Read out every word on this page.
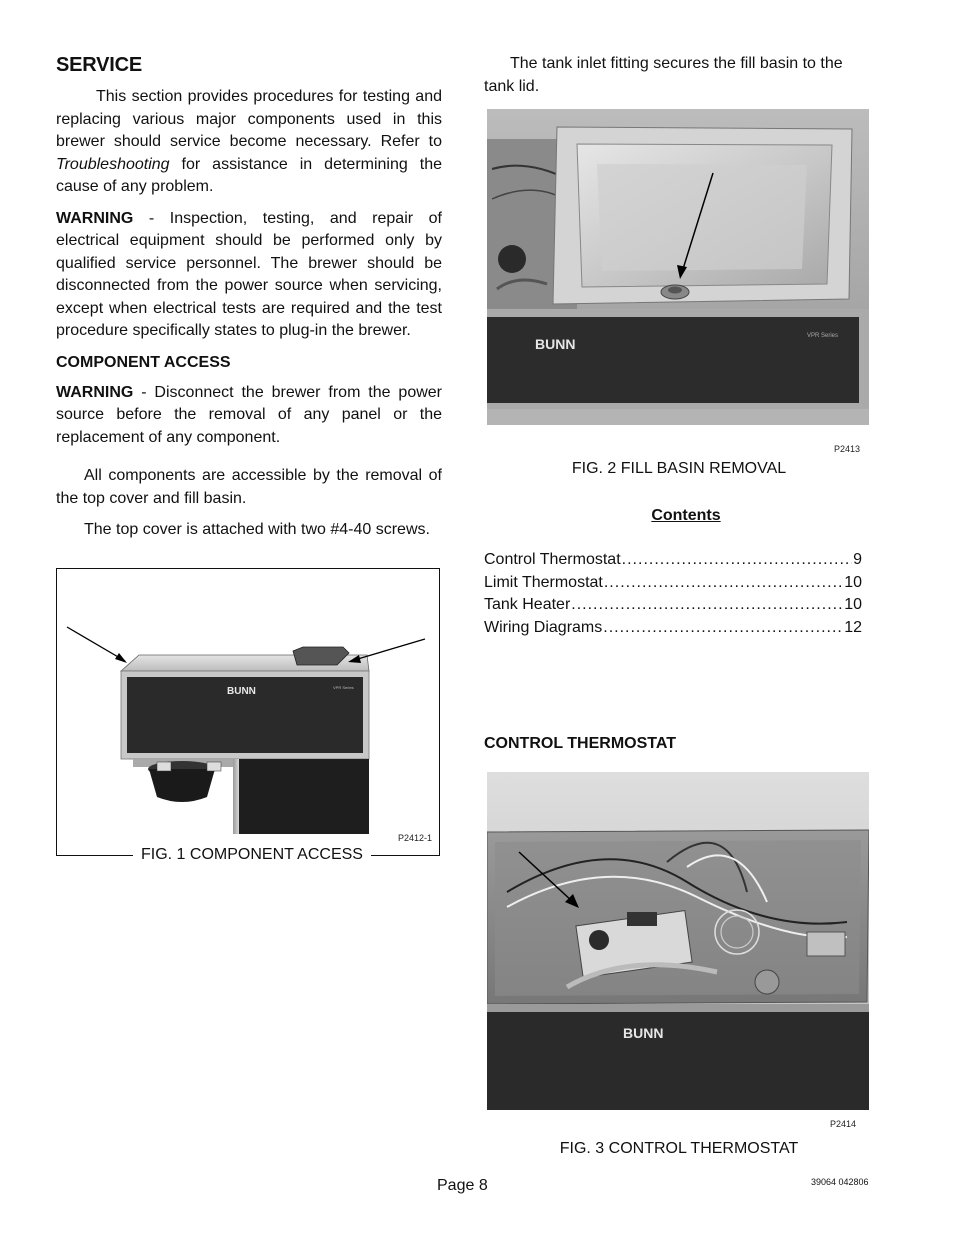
SERVICE

This section provides procedures for testing and replacing various major components used in this brewer should service become necessary. Refer to Troubleshooting for assistance in determining the cause of any problem.

WARNING - Inspection, testing, and repair of electrical equipment should be performed only by qualified service personnel. The brewer should be disconnected from the power source when servicing, except when electrical tests are required and the test procedure specifically states to plug-in the brewer.

COMPONENT ACCESS

WARNING - Disconnect the brewer from the power source before the removal of any panel or the replacement of any component.

All components are accessible by the removal of the top cover and fill basin.

The top cover is attached with two #4-40 screws.

BUNN	VPR Series
P2412-1
FIG. 1 COMPONENT ACCESS

The tank inlet fitting secures the fill basin to the tank lid.

BUNN	VPR Series
P2413
FIG. 2 FILL BASIN REMOVAL
Contents
Control Thermostat .....	9
Limit Thermostat .....	10
Tank Heater .....	10
Wiring Diagrams .....	12
CONTROL THERMOSTAT
BUNN
P2414
FIG. 3 CONTROL THERMOSTAT
Page 8	39064 042806
